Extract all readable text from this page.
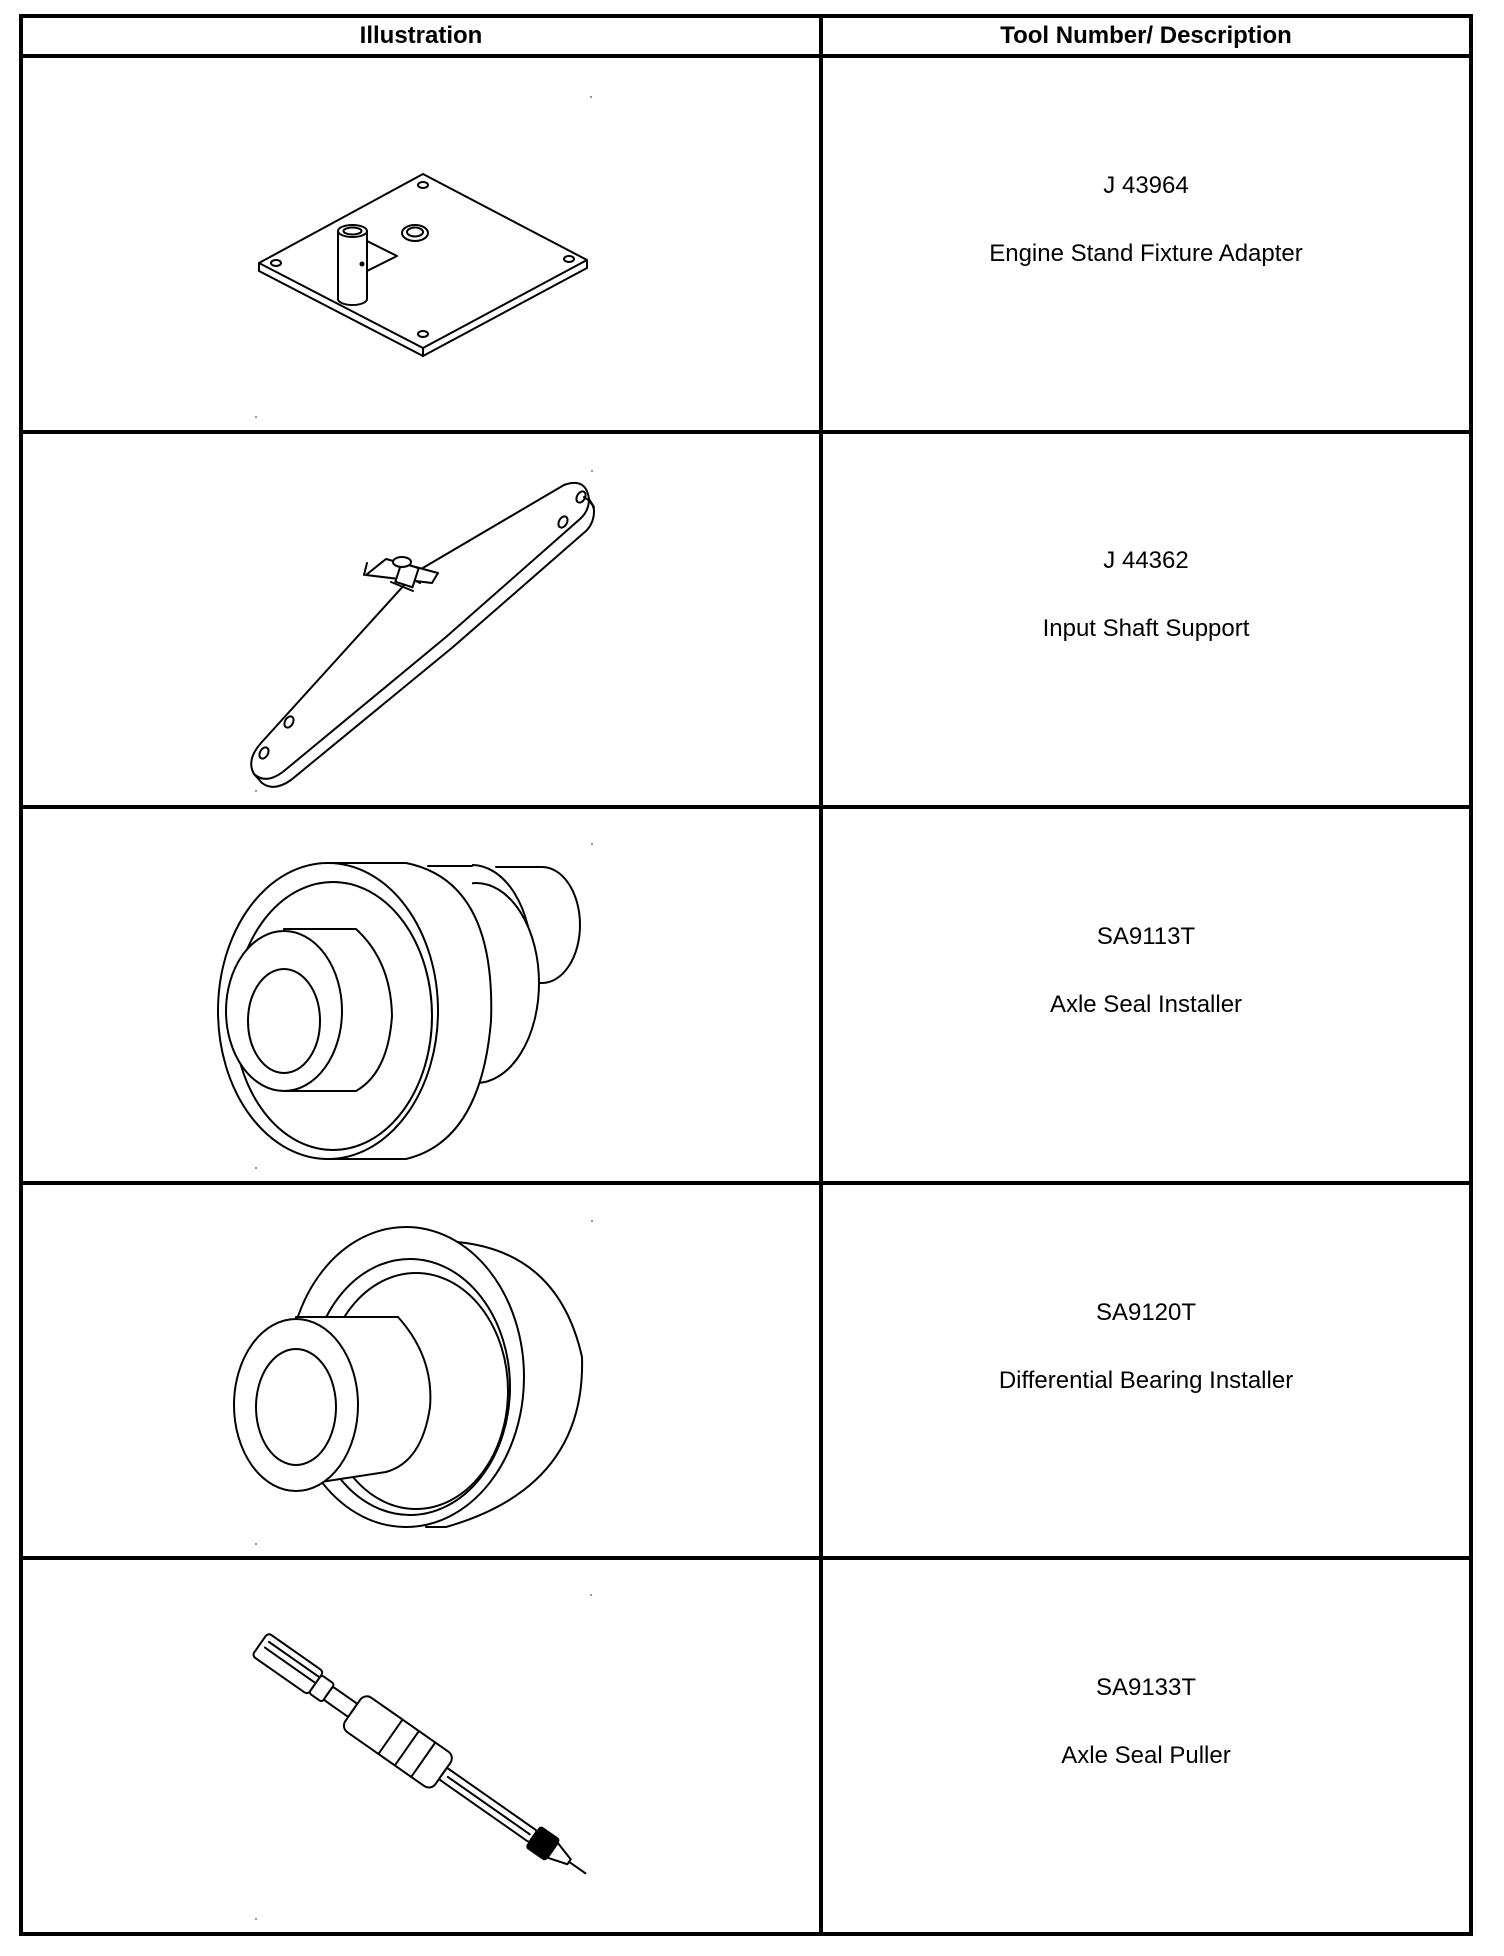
Illustration	Tool Number/ Description

J 43964
Engine Stand Fixture Adapter

J 44362
Input Shaft Support

SA9113T
Axle Seal Installer

SA9120T
Differential Bearing Installer

SA9133T
Axle Seal Puller
